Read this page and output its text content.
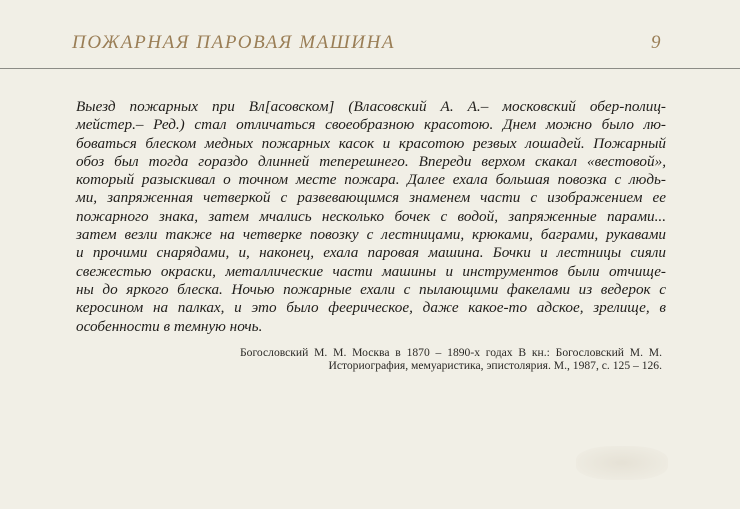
ПОЖАРНАЯ ПАРОВАЯ МАШИНА	9
Выезд пожарных при Вл[асовском] (Власовский А. А.– московский обер-полиц-
мейстер.– Ред.) стал отличаться своеобразною красотою. Днем можно было лю-
боваться блеском медных пожарных касок и красотою резвых лошадей. Пожарный
обоз был тогда гораздо длинней теперешнего. Впереди верхом скакал «вестовой»,
который разыскивал о точном месте пожара. Далее ехала большая повозка с людь-
ми, запряженная четверкой с развевающимся знаменем части с изображением ее
пожарного знака, затем мчались несколько бочек с водой, запряженные парами...
затем везли также на четверке повозку с лестницами, крюками, баграми, рукавами
и прочими снарядами, и, наконец, ехала паровая машина. Бочки и лестницы сияли
свежестью окраски, металлические части машины и инструментов были отчище-
ны до яркого блеска. Ночью пожарные ехали с пылающими факелами из ведерок с
керосином на палках, и это было феерическое, даже какое-то адское, зрелище, в
особенности в темную ночь.
Богословский М. М. Москва в 1870 – 1890-х годах В кн.: Богословский М. М.
Историография, мемуаристика, эпистолярия. М., 1987, с. 125 – 126.
